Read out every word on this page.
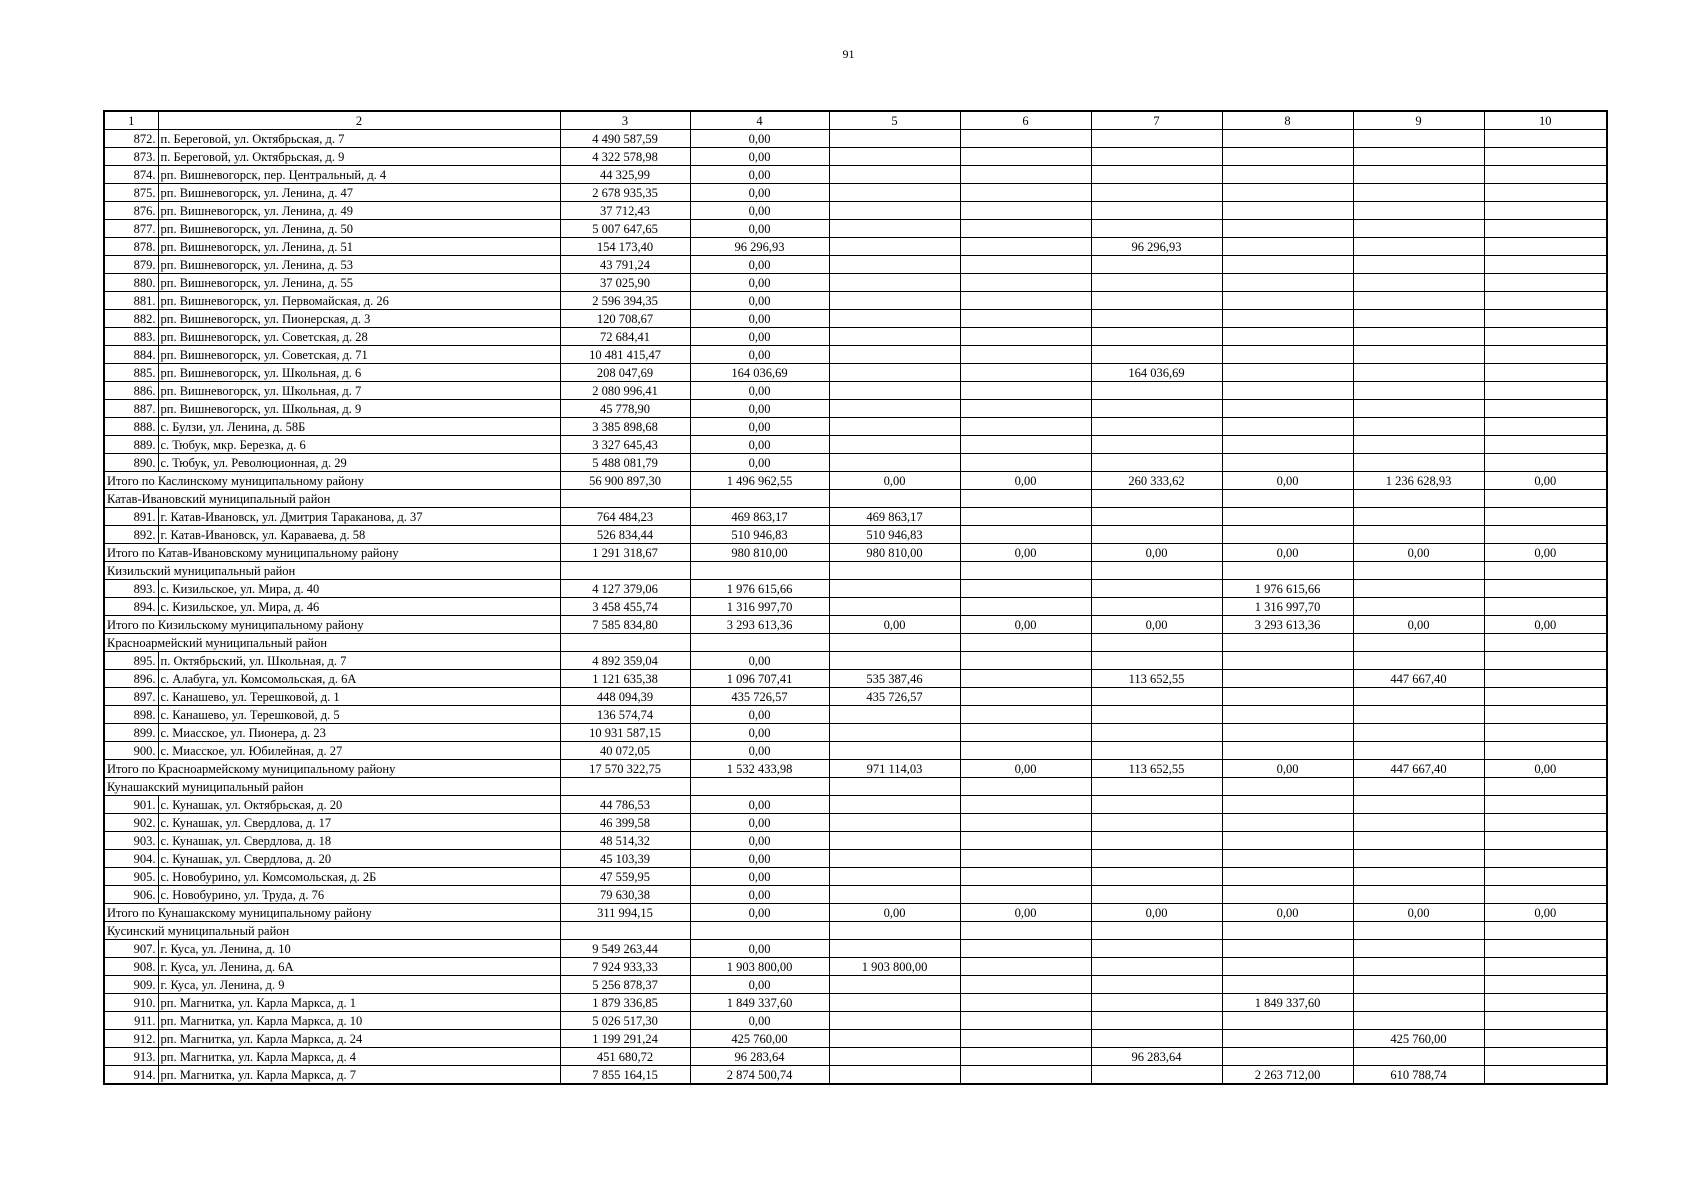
91
1	2	3	4	5	6	7	8	9	10
872.	п. Береговой, ул. Октябрьская, д. 7	4 490 587,59	0,00						
873.	п. Береговой, ул. Октябрьская, д. 9	4 322 578,98	0,00						
874.	рп. Вишневогорск, пер. Центральный, д. 4	44 325,99	0,00						
875.	рп. Вишневогорск, ул. Ленина, д. 47	2 678 935,35	0,00						
876.	рп. Вишневогорск, ул. Ленина, д. 49	37 712,43	0,00						
877.	рп. Вишневогорск, ул. Ленина, д. 50	5 007 647,65	0,00						
878.	рп. Вишневогорск, ул. Ленина, д. 51	154 173,40	96 296,93			96 296,93			
879.	рп. Вишневогорск, ул. Ленина, д. 53	43 791,24	0,00						
880.	рп. Вишневогорск, ул. Ленина, д. 55	37 025,90	0,00						
881.	рп. Вишневогорск, ул. Первомайская, д. 26	2 596 394,35	0,00						
882.	рп. Вишневогорск, ул. Пионерская, д. 3	120 708,67	0,00						
883.	рп. Вишневогорск, ул. Советская, д. 28	72 684,41	0,00						
884.	рп. Вишневогорск, ул. Советская, д. 71	10 481 415,47	0,00						
885.	рп. Вишневогорск, ул. Школьная, д. 6	208 047,69	164 036,69			164 036,69			
886.	рп. Вишневогорск, ул. Школьная, д. 7	2 080 996,41	0,00						
887.	рп. Вишневогорск, ул. Школьная, д. 9	45 778,90	0,00						
888.	с. Булзи, ул. Ленина, д. 58Б	3 385 898,68	0,00						
889.	с. Тюбук, мкр. Березка, д. 6	3 327 645,43	0,00						
890.	с. Тюбук, ул. Революционная, д. 29	5 488 081,79	0,00						
Итого по Каслинскому муниципальному району		56 900 897,30	1 496 962,55	0,00	0,00	260 333,62	0,00	1 236 628,93	0,00
Катав-Ивановский муниципальный район									
891.	г. Катав-Ивановск, ул. Дмитрия Тараканова, д. 37	764 484,23	469 863,17	469 863,17					
892.	г. Катав-Ивановск, ул. Караваева, д. 58	526 834,44	510 946,83	510 946,83					
Итого по Катав-Ивановскому муниципальному району		1 291 318,67	980 810,00	980 810,00	0,00	0,00	0,00	0,00	0,00
Кизильский муниципальный район									
893.	с. Кизильское, ул. Мира, д. 40	4 127 379,06	1 976 615,66				1 976 615,66		
894.	с. Кизильское, ул. Мира, д. 46	3 458 455,74	1 316 997,70				1 316 997,70		
Итого по Кизильскому муниципальному району		7 585 834,80	3 293 613,36	0,00	0,00	0,00	3 293 613,36	0,00	0,00
Красноармейский муниципальный район									
895.	п. Октябрьский, ул. Школьная, д. 7	4 892 359,04	0,00						
896.	с. Алабуга, ул. Комсомольская, д. 6А	1 121 635,38	1 096 707,41	535 387,46		113 652,55		447 667,40	
897.	с. Канашево, ул. Терешковой, д. 1	448 094,39	435 726,57	435 726,57					
898.	с. Канашево, ул. Терешковой, д. 5	136 574,74	0,00						
899.	с. Миасское, ул. Пионера, д. 23	10 931 587,15	0,00						
900.	с. Миасское, ул. Юбилейная, д. 27	40 072,05	0,00						
Итого по Красноармейскому муниципальному району		17 570 322,75	1 532 433,98	971 114,03	0,00	113 652,55	0,00	447 667,40	0,00
Кунашакский муниципальный район									
901.	с. Кунашак, ул. Октябрьская, д. 20	44 786,53	0,00						
902.	с. Кунашак, ул. Свердлова, д. 17	46 399,58	0,00						
903.	с. Кунашак, ул. Свердлова, д. 18	48 514,32	0,00						
904.	с. Кунашак, ул. Свердлова, д. 20	45 103,39	0,00						
905.	с. Новобурино, ул. Комсомольская, д. 2Б	47 559,95	0,00						
906.	с. Новобурино, ул. Труда, д. 76	79 630,38	0,00						
Итого по Кунашакскому муниципальному району		311 994,15	0,00	0,00	0,00	0,00	0,00	0,00	0,00
Кусинский муниципальный район									
907.	г. Куса, ул. Ленина, д. 10	9 549 263,44	0,00						
908.	г. Куса, ул. Ленина, д. 6А	7 924 933,33	1 903 800,00	1 903 800,00					
909.	г. Куса, ул. Ленина, д. 9	5 256 878,37	0,00						
910.	рп. Магнитка, ул. Карла Маркса, д. 1	1 879 336,85	1 849 337,60				1 849 337,60		
911.	рп. Магнитка, ул. Карла Маркса, д. 10	5 026 517,30	0,00						
912.	рп. Магнитка, ул. Карла Маркса, д. 24	1 199 291,24	425 760,00					425 760,00	
913.	рп. Магнитка, ул. Карла Маркса, д. 4	451 680,72	96 283,64			96 283,64			
914.	рп. Магнитка, ул. Карла Маркса, д. 7	7 855 164,15	2 874 500,74				2 263 712,00	610 788,74	
